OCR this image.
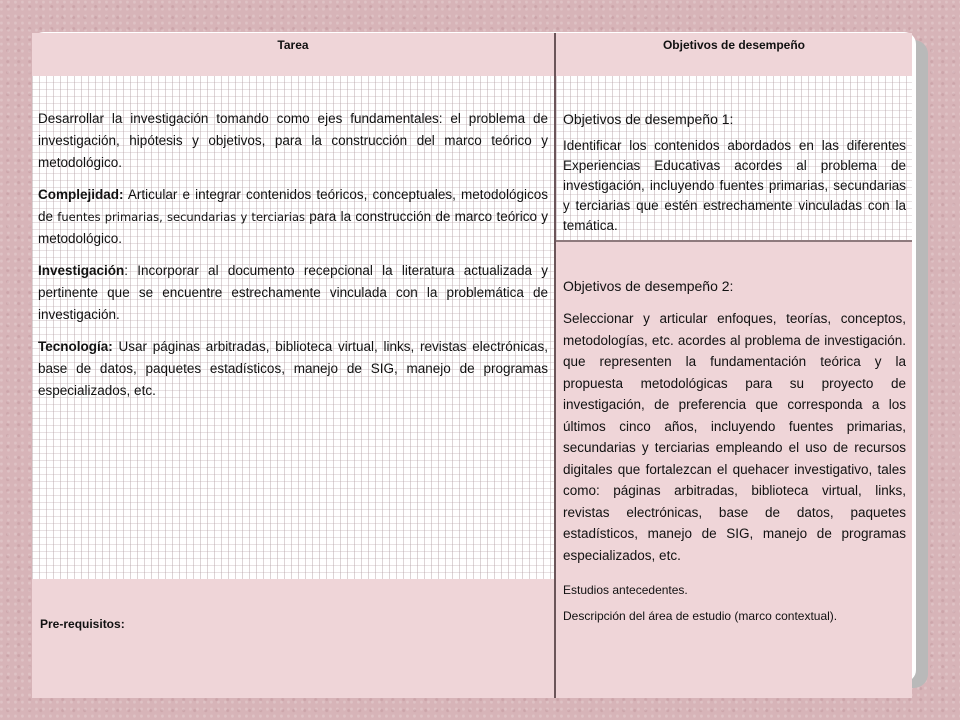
Tarea	Objetivos de desempeño

Desarrollar la investigación tomando como ejes fundamentales: el problema de investigación, hipótesis y objetivos, para la construcción del marco teórico y metodológico.

Complejidad: Articular e integrar contenidos teóricos, conceptuales, metodológicos de fuentes primarias, secundarias y terciarias para la construcción de marco teórico y metodológico.

Investigación: Incorporar al documento recepcional la literatura actualizada y pertinente que se encuentre estrechamente vinculada con la problemática de investigación.

Tecnología: Usar páginas arbitradas, biblioteca virtual, links, revistas electrónicas, base de datos, paquetes estadísticos, manejo de SIG, manejo de programas especializados, etc.

Objetivos de desempeño 1:

Identificar los contenidos abordados en las diferentes Experiencias Educativas acordes al problema de investigación, incluyendo fuentes primarias, secundarias y terciarias que estén estrechamente vinculadas con la temática.

Objetivos de desempeño 2:

Seleccionar y articular enfoques, teorías, conceptos, metodologías, etc. acordes al problema de investigación. que representen la fundamentación teórica y la propuesta metodológicas para su proyecto de investigación, de preferencia que corresponda a los últimos cinco años, incluyendo fuentes primarias, secundarias y terciarias empleando el uso de recursos digitales que fortalezcan el quehacer investigativo, tales como: páginas arbitradas, biblioteca virtual, links, revistas electrónicas, base de datos, paquetes estadísticos, manejo de SIG, manejo de programas especializados, etc.

Pre-requisitos:

Estudios antecedentes.

Descripción del área de estudio (marco contextual).
